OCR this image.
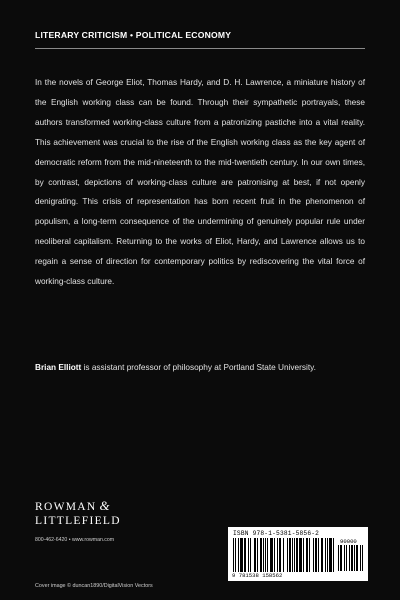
LITERARY CRITICISM • POLITICAL ECONOMY

In the novels of George Eliot, Thomas Hardy, and D. H. Lawrence, a miniature history of the English working class can be found. Through their sympathetic portrayals, these authors transformed working-class culture from a patronizing pastiche into a vital reality. This achievement was crucial to the rise of the English working class as the key agent of democratic reform from the mid-nineteenth to the mid-twentieth century. In our own times, by contrast, depictions of working-class culture are patronising at best, if not openly denigrating. This crisis of representation has born recent fruit in the phenomenon of populism, a long-term consequence of the undermining of genuinely popular rule under neoliberal capitalism. Returning to the works of Eliot, Hardy, and Lawrence allows us to regain a sense of direction for contemporary politics by rediscovering the vital force of working-class culture.

Brian Elliott is assistant professor of philosophy at Portland State University.

ROWMAN &
LITTLEFIELD
800-462-6420 • www.rowman.com
Cover image © duncan1890/DigitalVision Vectors
ISBN 978-1-5381-5856-2
9 781538 158562
90000
